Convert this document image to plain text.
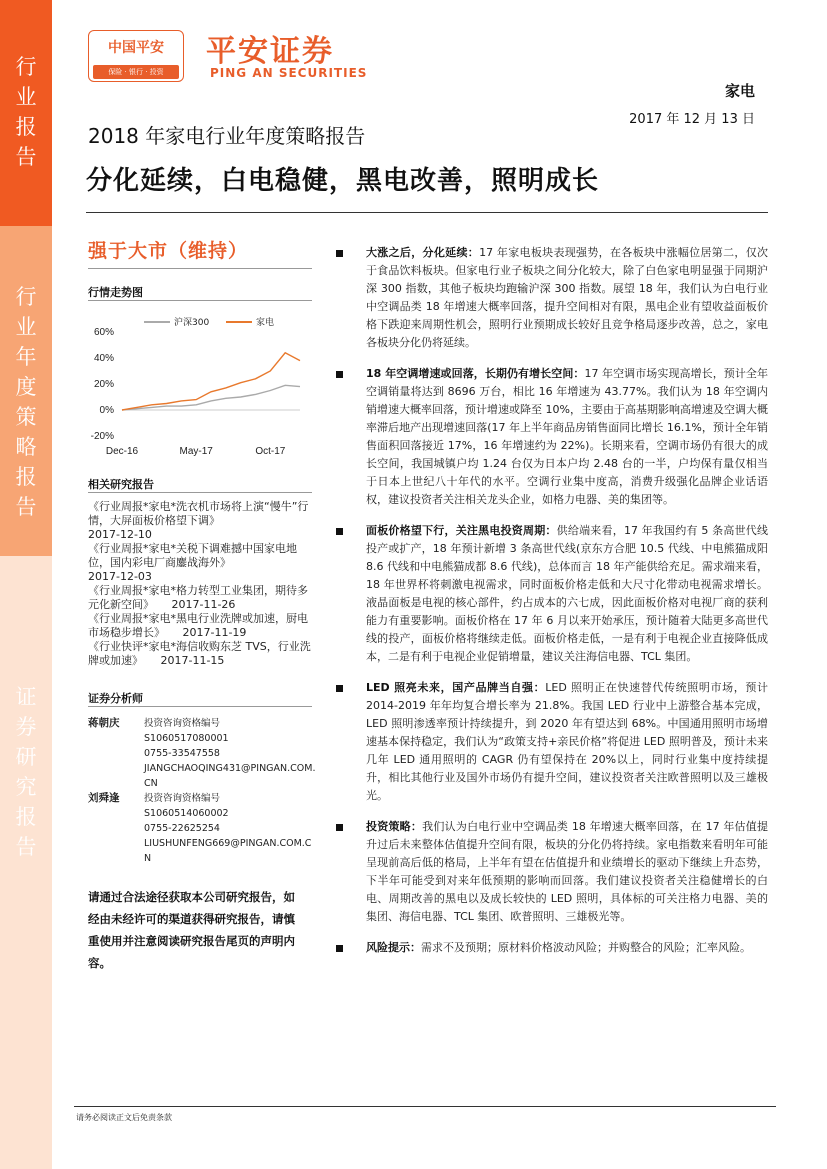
行
业
报
告
行
业
年
度
策
略
报
告
证
券
研
究
报
告
中国平安
保险 · 银行 · 投资
平安证券
PING AN SECURITIES
家电
2017 年 12 月 13 日
2018 年家电行业年度策略报告
分化延续，白电稳健，黑电改善，照明成长
强于大市（维持）
行情走势图
60%
40%
20%
0%
-20%
Dec-16	May-17	Oct-17
沪深300	家电
相关研究报告
《行业周报*家电*洗衣机市场将上演“慢牛”行情，大屏面板价格望下调》
2017-12-10
《行业周报*家电*关税下调难撼中国家电地位，国内彩电厂商鏖战海外》
2017-12-03
《行业周报*家电*格力转型工业集团，期待多元化新空间》 2017-11-26
《行业周报*家电*黑电行业洗牌或加速，厨电市场稳步增长》 2017-11-19
《行业快评*家电*海信收购东芝 TVS，行业洗牌或加速》 2017-11-15
证券分析师
蒋朝庆	投资咨询资格编号
S1060517080001
0755-33547558
JIANGCHAOQING431@PINGAN.COM.CN
刘舜逢	投资咨询资格编号
S1060514060002
0755-22625254
LIUSHUNFENG669@PINGAN.COM.CN
请通过合法途径获取本公司研究报告，如经由未经许可的渠道获得研究报告，请慎重使用并注意阅读研究报告尾页的声明内容。
大涨之后，分化延续：17 年家电板块表现强势，在各板块中涨幅位居第二，仅次于食品饮料板块。但家电行业子板块之间分化较大，除了白色家电明显强于同期沪深 300 指数，其他子板块均跑输沪深 300 指数。展望 18 年，我们认为白电行业中空调品类 18 年增速大概率回落，提升空间相对有限，黑电企业有望收益面板价格下跌迎来周期性机会，照明行业预期成长较好且竞争格局逐步改善，总之，家电各板块分化仍将延续。
18 年空调增速或回落，长期仍有增长空间：17 年空调市场实现高增长，预计全年空调销量将达到 8696 万台，相比 16 年增速为 43.77%。我们认为 18 年空调内销增速大概率回落，预计增速或降至 10%，主要由于高基期影响高增速及空调大概率滞后地产出现增速回落(17 年上半年商品房销售面同比增长 16.1%，预计全年销售面积回落接近 17%，16 年增速约为 22%)。长期来看，空调市场仍有很大的成长空间，我国城镇户均 1.24 台仅为日本户均 2.48 台的一半，户均保有量仅相当于日本上世纪八十年代的水平。空调行业集中度高，消费升级强化品牌企业话语权，建议投资者关注相关龙头企业，如格力电器、美的集团等。
面板价格望下行，关注黑电投资周期：供给端来看，17 年我国约有 5 条高世代线投产或扩产，18 年预计新增 3 条高世代线(京东方合肥 10.5 代线、中电熊猫成阳 8.6 代线和中电熊猫成都 8.6 代线)，总体而言 18 年产能供给充足。需求端来看，18 年世界杯将刺激电视需求，同时面板价格走低和大尺寸化带动电视需求增长。液晶面板是电视的核心部件，约占成本的六七成，因此面板价格对电视厂商的获利能力有重要影响。面板价格在 17 年 6 月以来开始承压，预计随着大陆更多高世代线的投产，面板价格将继续走低。面板价格走低，一是有利于电视企业直接降低成本，二是有利于电视企业促销增量，建议关注海信电器、TCL 集团。
LED 照亮未来，国产品牌当自强：LED 照明正在快速替代传统照明市场，预计 2014-2019 年年均复合增长率为 21.8%。我国 LED 行业中上游整合基本完成，LED 照明渗透率预计持续提升，到 2020 年有望达到 68%。中国通用照明市场增速基本保持稳定，我们认为“政策支持+亲民价格”将促进 LED 照明普及，预计未来几年 LED 通用照明的 CAGR 仍有望保持在 20%以上，同时行业集中度持续提升，相比其他行业及国外市场仍有提升空间，建议投资者关注欧普照明以及三雄极光。
投资策略：我们认为白电行业中空调品类 18 年增速大概率回落，在 17 年估值提升过后未来整体估值提升空间有限，板块的分化仍将持续。家电指数来看明年可能呈现前高后低的格局，上半年有望在估值提升和业绩增长的驱动下继续上升态势，下半年可能受到对来年低预期的影响而回落。我们建议投资者关注稳健增长的白电、周期改善的黑电以及成长较快的 LED 照明，具体标的可关注格力电器、美的集团、海信电器、TCL 集团、欧普照明、三雄极光等。
风险提示：需求不及预期；原材料价格波动风险；并购整合的风险；汇率风险。
请务必阅读正文后免责条款
